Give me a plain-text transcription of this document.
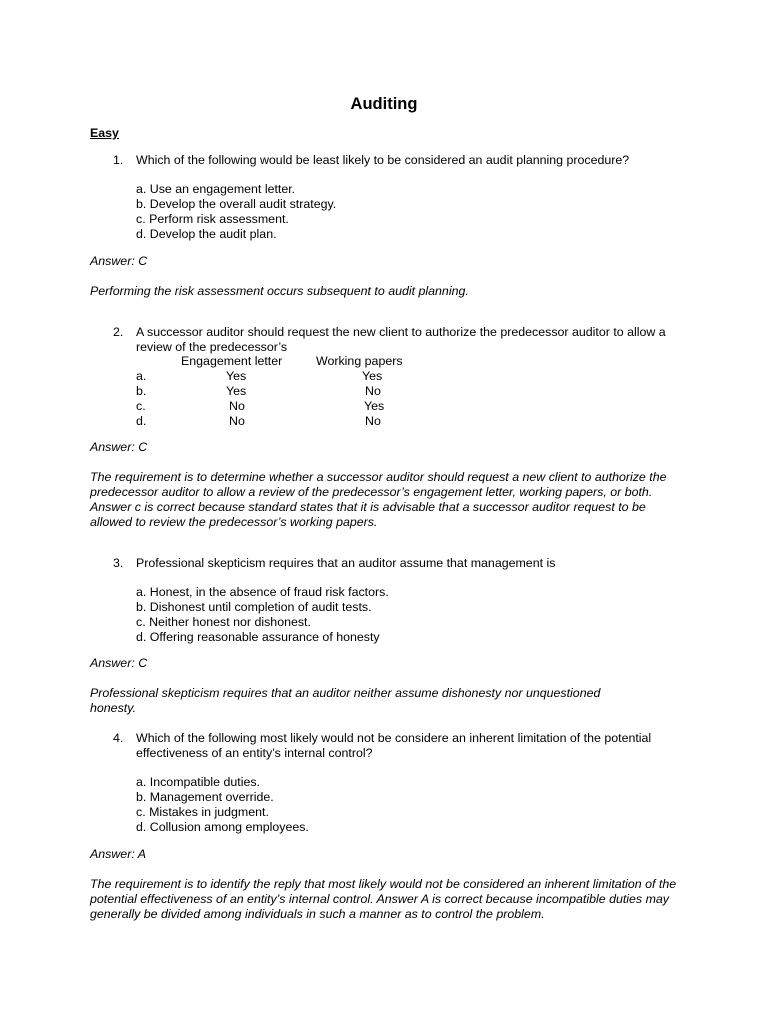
Auditing
Easy
1. Which of the following would be least likely to be considered an audit planning procedure?
a. Use an engagement letter.
b. Develop the overall audit strategy.
c. Perform risk assessment.
d. Develop the audit plan.
Answer: C
Performing the risk assessment occurs subsequent to audit planning.
2. A successor auditor should request the new client to authorize the predecessor auditor to allow a review of the predecessor’s
Engagement letter	Working papers
a.	Yes	Yes
b.	Yes	No
c.	No	Yes
d.	No	No
Answer: C
The requirement is to determine whether a successor auditor should request a new client to authorize the predecessor auditor to allow a review of the predecessor’s engagement letter, working papers, or both. Answer c is correct because standard states that it is advisable that a successor auditor request to be allowed to review the predecessor’s working papers.
3. Professional skepticism requires that an auditor assume that management is
a. Honest, in the absence of fraud risk factors.
b. Dishonest until completion of audit tests.
c. Neither honest nor dishonest.
d. Offering reasonable assurance of honesty
Answer: C
Professional skepticism requires that an auditor neither assume dishonesty nor unquestioned honesty.
4. Which of the following most likely would not be considere an inherent limitation of the potential effectiveness of an entity’s internal control?
a. Incompatible duties.
b. Management override.
c. Mistakes in judgment.
d. Collusion among employees.
Answer: A
The requirement is to identify the reply that most likely would not be considered an inherent limitation of the potential effectiveness of an entity’s internal control. Answer A is correct because incompatible duties may generally be divided among individuals in such a manner as to control the problem.
